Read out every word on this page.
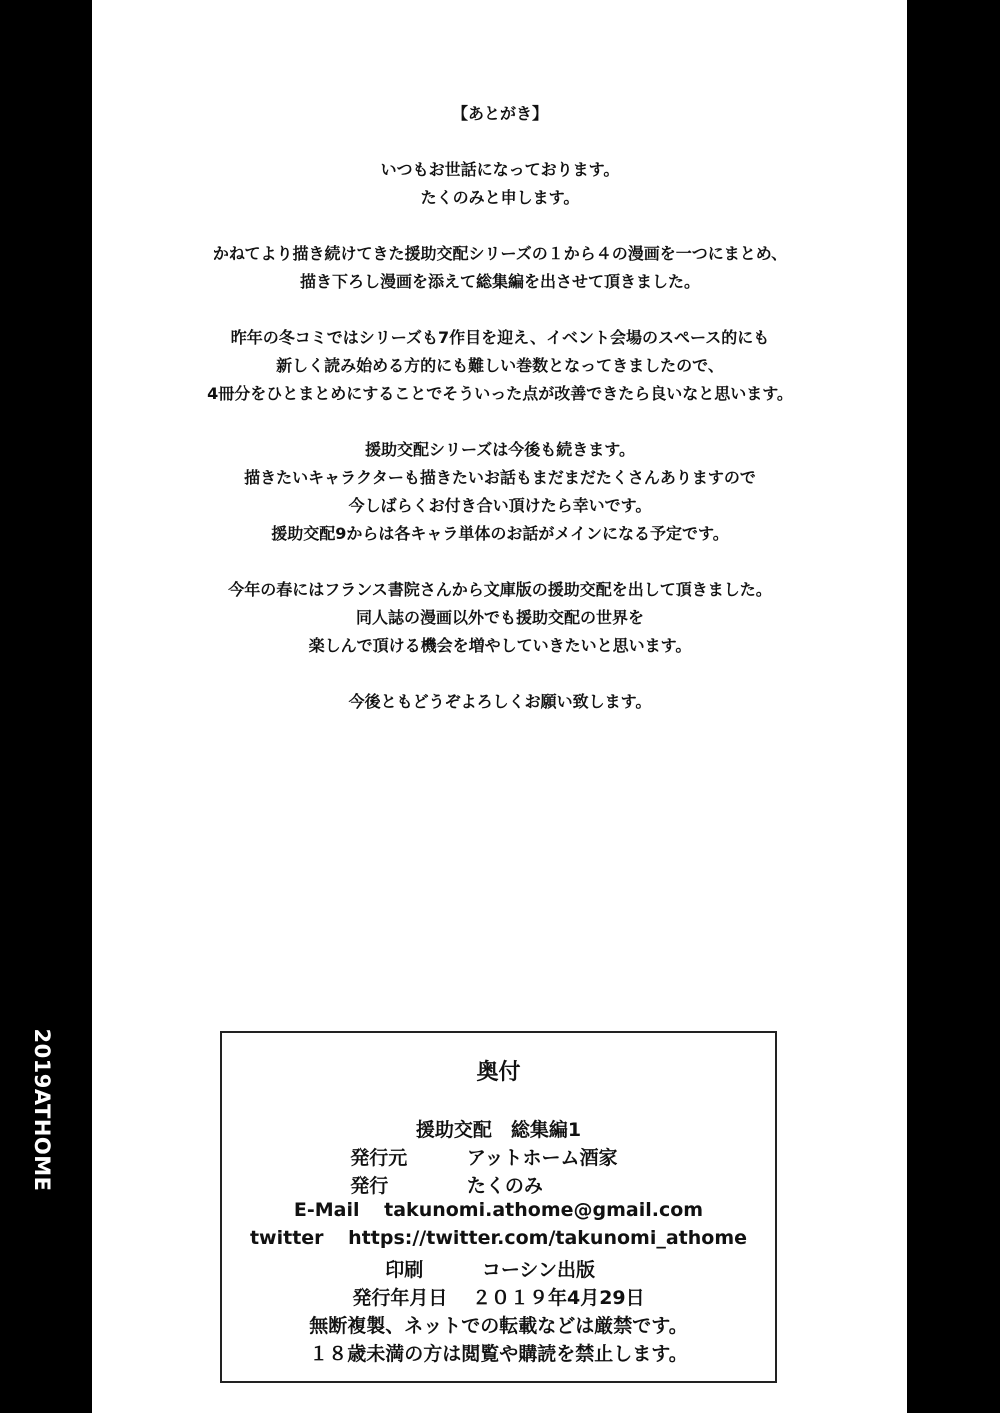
2019ATHOME
【あとがき】
いつもお世話になっております。
たくのみと申します。
かねてより描き続けてきた援助交配シリーズの１から４の漫画を一つにまとめ、
描き下ろし漫画を添えて総集編を出させて頂きました。
昨年の冬コミではシリーズも7作目を迎え、イベント会場のスペース的にも
新しく読み始める方的にも難しい巻数となってきましたので、
4冊分をひとまとめにすることでそういった点が改善できたら良いなと思います。
援助交配シリーズは今後も続きます。
描きたいキャラクターも描きたいお話もまだまだたくさんありますので
今しばらくお付き合い頂けたら幸いです。
援助交配9からは各キャラ単体のお話がメインになる予定です。
今年の春にはフランス書院さんから文庫版の援助交配を出して頂きました。
同人誌の漫画以外でも援助交配の世界を
楽しんで頂ける機会を増やしていきたいと思います。
今後ともどうぞよろしくお願い致します。
奥付
援助交配　総集編1
発行元	アットホーム酒家
発行	たくのみ
E-Mail takunomi.athome@gmail.com
twitter https://twitter.com/takunomi_athome
印刷	コーシン出版
発行年月日 ２０１９年4月29日
無断複製、ネットでの転載などは厳禁です。
１８歳未満の方は閲覧や購読を禁止します。
